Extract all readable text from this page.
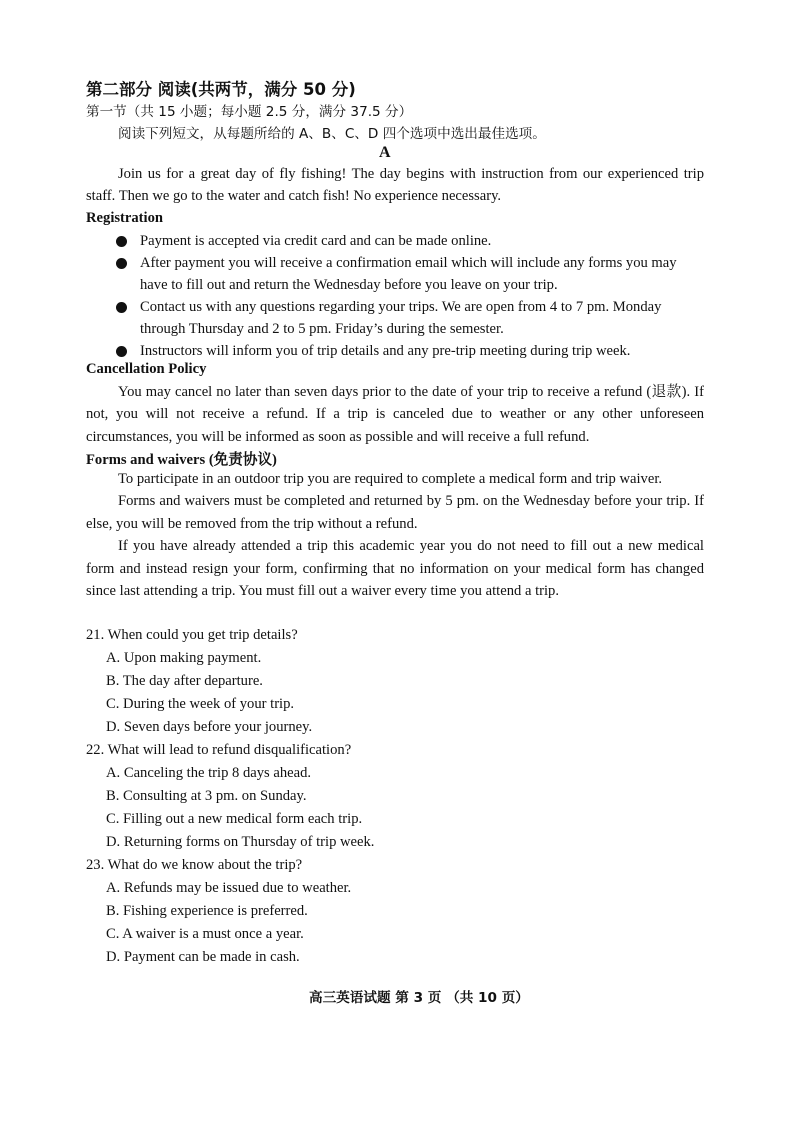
第二部分 阅读(共两节，满分 50 分)
第一节（共 15 小题；每小题 2.5 分，满分 37.5 分）
阅读下列短文，从每题所给的 A、B、C、D 四个选项中选出最佳选项。
A

Join us for a great day of fly fishing! The day begins with instruction from our experienced trip staff. Then we go to the water and catch fish! No experience necessary.

Registration
Payment is accepted via credit card and can be made online.
After payment you will receive a confirmation email which will include any forms you may have to fill out and return the Wednesday before you leave on your trip.
Contact us with any questions regarding your trips. We are open from 4 to 7 pm. Monday through Thursday and 2 to 5 pm. Friday’s during the semester.
Instructors will inform you of trip details and any pre-trip meeting during trip week.
Cancellation Policy

You may cancel no later than seven days prior to the date of your trip to receive a refund (退款). If not, you will not receive a refund. If a trip is canceled due to weather or any other unforeseen circumstances, you will be informed as soon as possible and will receive a full refund.

Forms and waivers (免责协议)

To participate in an outdoor trip you are required to complete a medical form and trip waiver.

Forms and waivers must be completed and returned by 5 pm. on the Wednesday before your trip. If else, you will be removed from the trip without a refund.

If you have already attended a trip this academic year you do not need to fill out a new medical form and instead resign your form, confirming that no information on your medical form has changed since last attending a trip. You must fill out a waiver every time you attend a trip.

21. When could you get trip details?

A. Upon making payment.

B. The day after departure.

C. During the week of your trip.

D. Seven days before your journey.

22. What will lead to refund disqualification?

A. Canceling the trip 8 days ahead.

B. Consulting at 3 pm. on Sunday.

C. Filling out a new medical form each trip.

D. Returning forms on Thursday of trip week.

23. What do we know about the trip?

A. Refunds may be issued due to weather.

B. Fishing experience is preferred.

C. A waiver is a must once a year.

D. Payment can be made in cash.

高三英语试题 第 3 页 （共 10 页）
